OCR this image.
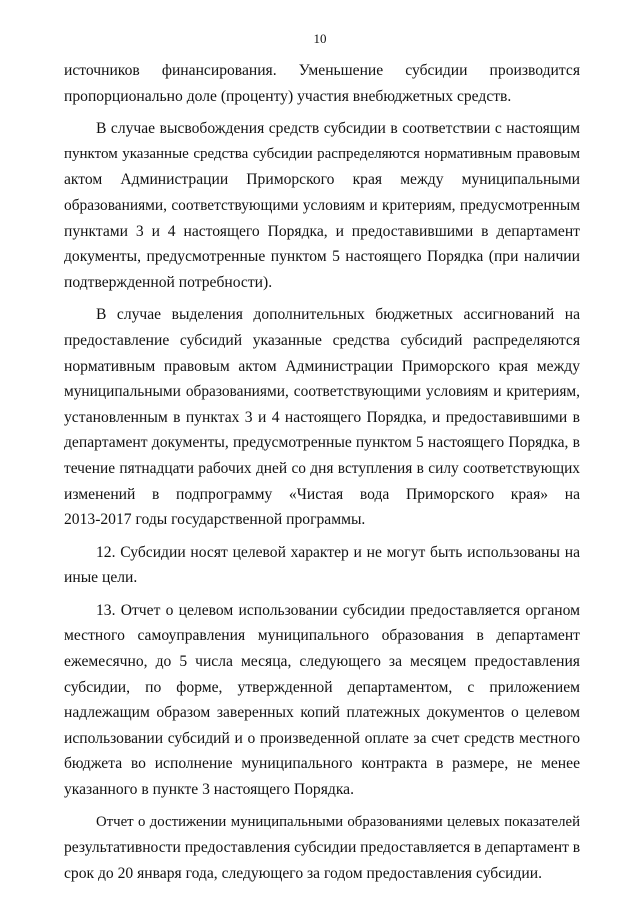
10

источников финансирования. Уменьшение субсидии производится
пропорционально доле (проценту) участия внебюджетных средств.

В случае высвобождения средств субсидии в соответствии с настоящим
пунктом указанные средства субсидии распределяются нормативным правовым
актом Администрации Приморского края между муниципальными
образованиями, соответствующими условиям и критериям, предусмотренным
пунктами 3 и 4 настоящего Порядка, и предоставившими в департамент
документы, предусмотренные пунктом 5 настоящего Порядка (при наличии
подтвержденной потребности).

В случае выделения дополнительных бюджетных ассигнований на
предоставление субсидий указанные средства субсидий распределяются
нормативным правовым актом Администрации Приморского края между
муниципальными образованиями, соответствующими условиям и критериям,
установленным в пунктах 3 и 4 настоящего Порядка, и предоставившими в
департамент документы, предусмотренные пунктом 5 настоящего Порядка, в
течение пятнадцати рабочих дней со дня вступления в силу соответствующих
изменений в подпрограмму «Чистая вода Приморского края» на
2013-2017 годы государственной программы.

12. Субсидии носят целевой характер и не могут быть использованы на
иные цели.

13. Отчет о целевом использовании субсидии предоставляется органом
местного самоуправления муниципального образования в департамент
ежемесячно, до 5 числа месяца, следующего за месяцем предоставления
субсидии, по форме, утвержденной департаментом, с приложением
надлежащим образом заверенных копий платежных документов о целевом
использовании субсидий и о произведенной оплате за счет средств местного
бюджета во исполнение муниципального контракта в размере, не менее
указанного в пункте 3 настоящего Порядка.

Отчет о достижении муниципальными образованиями целевых показателей
результативности предоставления субсидии предоставляется в департамент в
срок до 20 января года, следующего за годом предоставления субсидии.
